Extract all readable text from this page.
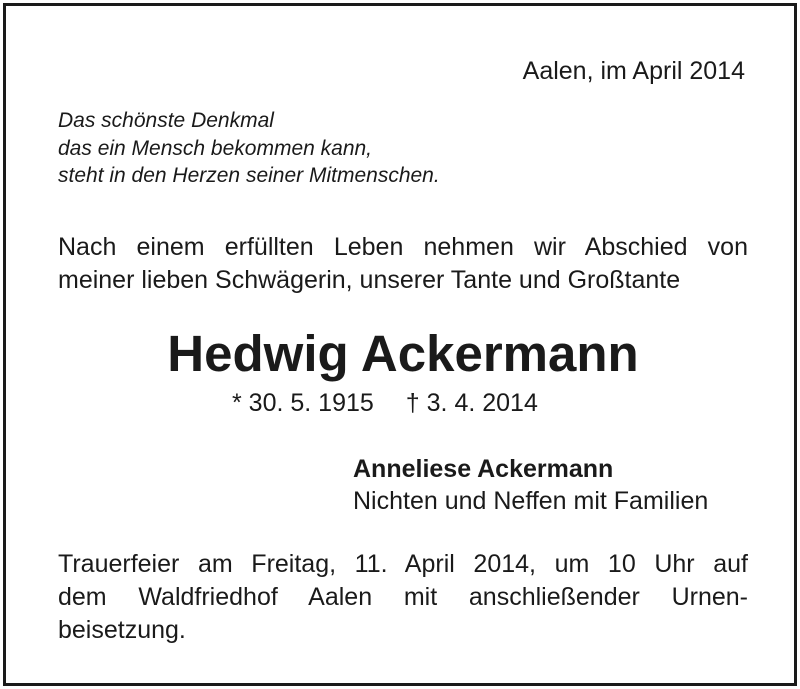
Aalen, im April 2014
Das schönste Denkmal
das ein Mensch bekommen kann,
steht in den Herzen seiner Mitmenschen.
Nach einem erfüllten Leben nehmen wir Abschied von
meiner lieben Schwägerin, unserer Tante und Großtante
Hedwig Ackermann
* 30. 5. 1915 † 3. 4. 2014
Anneliese Ackermann
Nichten und Neffen mit Familien
Trauerfeier am Freitag, 11. April 2014, um 10 Uhr auf
dem Waldfriedhof Aalen mit anschließender Urnen-
beisetzung.
